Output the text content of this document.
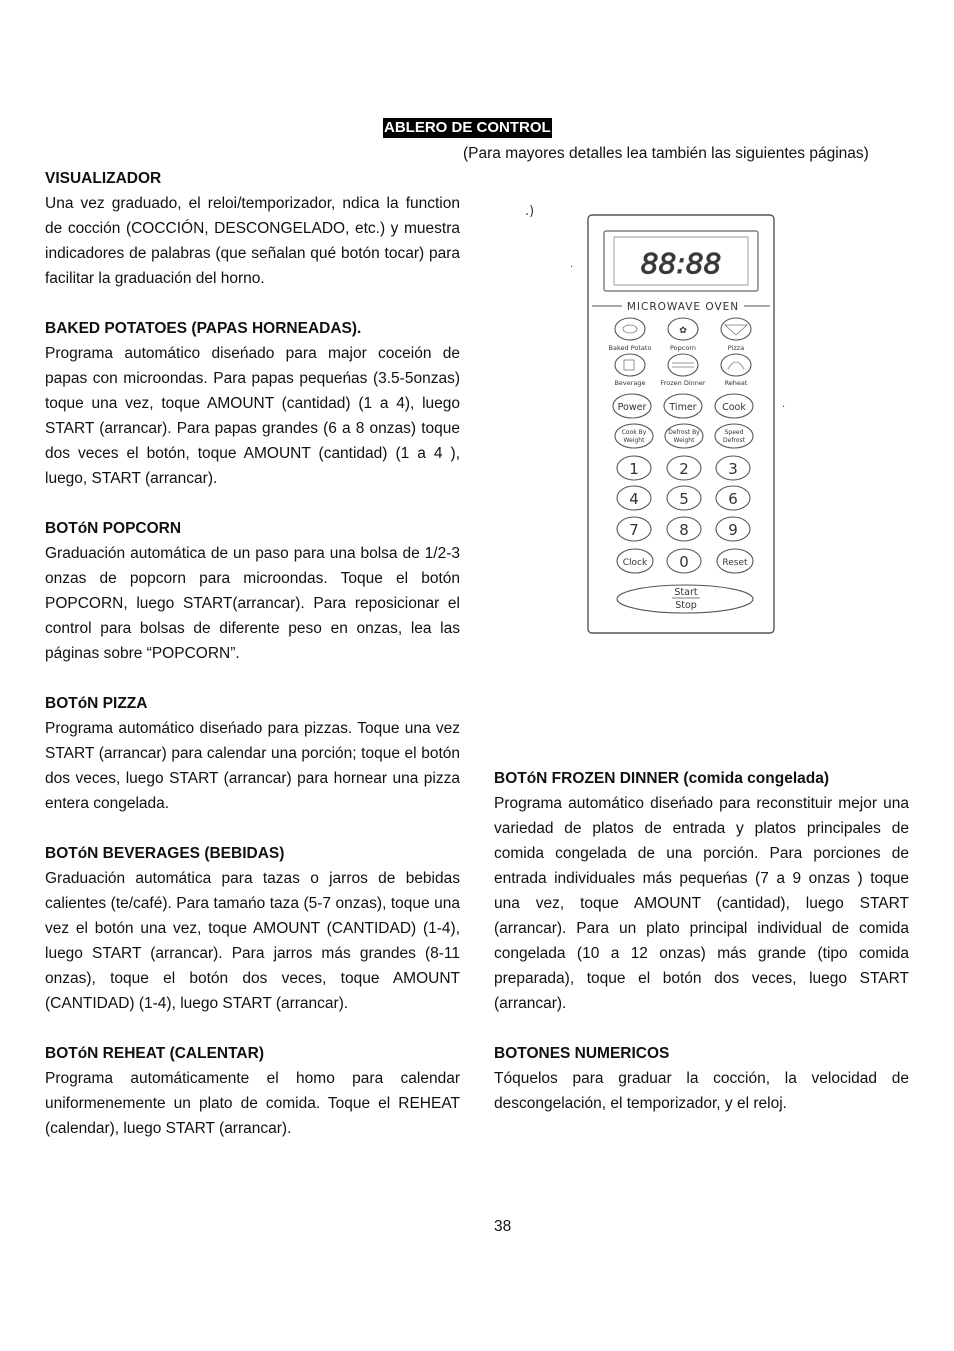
ABLERO DE CONTROL
(Para mayores detalles lea también las siguientes páginas)
VISUALIZADOR

Una vez graduado, el reloi/temporizador, ndica la function de cocción (COCCIÓN, DESCONGELADO, etc.) y muestra indicadores de palabras (que señalan qué botón tocar) para facilitar la graduación del horno.

BAKED POTATOES (PAPAS HORNEADAS).

Programa automático diseńado para major coceión de papas con microondas. Para papas pequeńas (3.5-5onzas) toque una vez, toque AMOUNT (cantidad) (1 a 4), luego START (arrancar). Para papas grandes (6 a 8 onzas) toque dos veces el botón, toque AMOUNT (cantidad) (1 a 4 ), luego, START (arrancar).

BOTóN POPCORN

Graduación automática de un paso para una bolsa de 1/2-3 onzas de popcorn para microondas. Toque el botón POPCORN, luego START(arrancar). Para reposicionar el control para bolsas de diferente peso en onzas, lea las páginas sobre “POPCORN”.

BOTóN PIZZA

Programa automático diseńado para pizzas. Toque una vez START (arrancar) para calendar una porción; toque el botón dos veces, luego START (arrancar) para hornear una pizza entera congelada.

BOTóN BEVERAGES (BEBIDAS)

Graduación automática para tazas o jarros de bebidas calientes (te/café). Para tamańo taza (5-7 onzas), toque una vez el botón una vez, toque AMOUNT (CANTIDAD) (1-4), luego START (arrancar). Para jarros más grandes (8-11 onzas), toque el botón dos veces, toque AMOUNT (CANTIDAD) (1-4), luego START (arrancar).

BOTóN REHEAT (CALENTAR)

Programa automáticamente el homo para calendar uniformenemente un plato de comida. Toque el REHEAT (calendar), luego START (arrancar).

BOTóN FROZEN DINNER (comida congelada)

Programa automático diseńado para reconstituir mejor una variedad de platos de entrada y platos principales de comida congelada de una porción. Para porciones de entrada individuales más pequeńas (7 a 9 onzas ) toque una vez, toque AMOUNT (cantidad), luego START (arrancar). Para un plato principal individual de comida congelada (10 a 12 onzas) más grande (tipo comida preparada), toque el botón dos veces, luego START (arrancar).

BOTONES NUMERICOS

Tóquelos para graduar la cocción, la velocidad de descongelación, el temporizador, y el reloj.

.)
·
·
88:88
MICROWAVE OVEN
Baked Potato
✿
Popcorn	Pizza
Beverage Frozen Dinner	Reheat
Power Timer	Cook
Cook By
Weight
Defrost By
Weight
Speed
Defrost
1	2	3
4	5	6
7	8	9
Clock 0	Reset
Start
Stop
38
